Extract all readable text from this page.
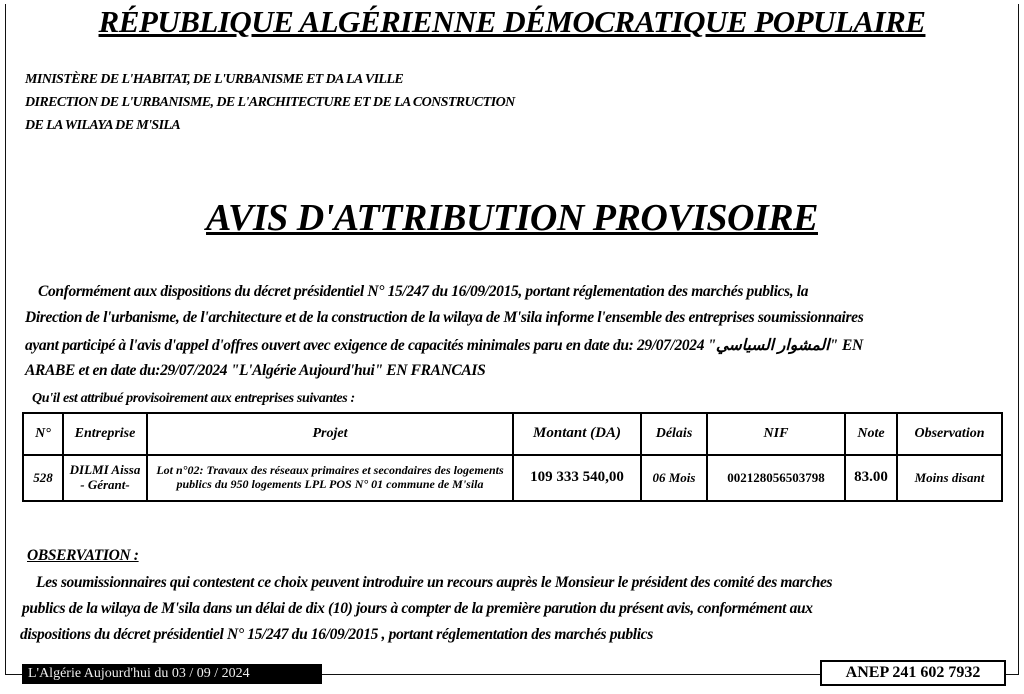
RÉPUBLIQUE ALGÉRIENNE DÉMOCRATIQUE POPULAIRE
MINISTÈRE DE L'HABITAT, DE L'URBANISME ET DA LA VILLE
DIRECTION DE L'URBANISME, DE L'ARCHITECTURE ET DE LA CONSTRUCTION
DE LA WILAYA DE M'SILA
AVIS D'ATTRIBUTION PROVISOIRE
Conformément aux dispositions du décret présidentiel N° 15/247 du 16/09/2015, portant réglementation des marchés publics, la
Direction de l'urbanisme, de l'architecture et de la construction de la wilaya de M'sila informe l'ensemble des entreprises soumissionnaires
ayant participé à l'avis d'appel d'offres ouvert avec exigence de capacités minimales paru en date du: 29/07/2024 "المشوار السياسي" EN
ARABE et en date du:29/07/2024 "L'Algérie Aujourd'hui" EN FRANCAIS
Qu'il est attribué provisoirement aux entreprises suivantes :
N°	Entreprise	Projet	Montant (DA)	Délais	NIF	Note	Observation
528	DILMI Aissa - Gérant-	Lot n°02: Travaux des réseaux primaires et secondaires des logements publics du 950 logements LPL POS N° 01 commune de M'sila	109 333 540,00	06 Mois	002128056503798	83.00	Moins disant
OBSERVATION :
Les soumissionnaires qui contestent ce choix peuvent introduire un recours auprès le Monsieur le président des comité des marches
publics de la wilaya de M'sila dans un délai de dix (10) jours à compter de la première parution du présent avis, conformément aux
dispositions du décret présidentiel N° 15/247 du 16/09/2015 , portant réglementation des marchés publics
L'Algérie Aujourd'hui du 03 / 09 / 2024	ANEP 241 602 7932
